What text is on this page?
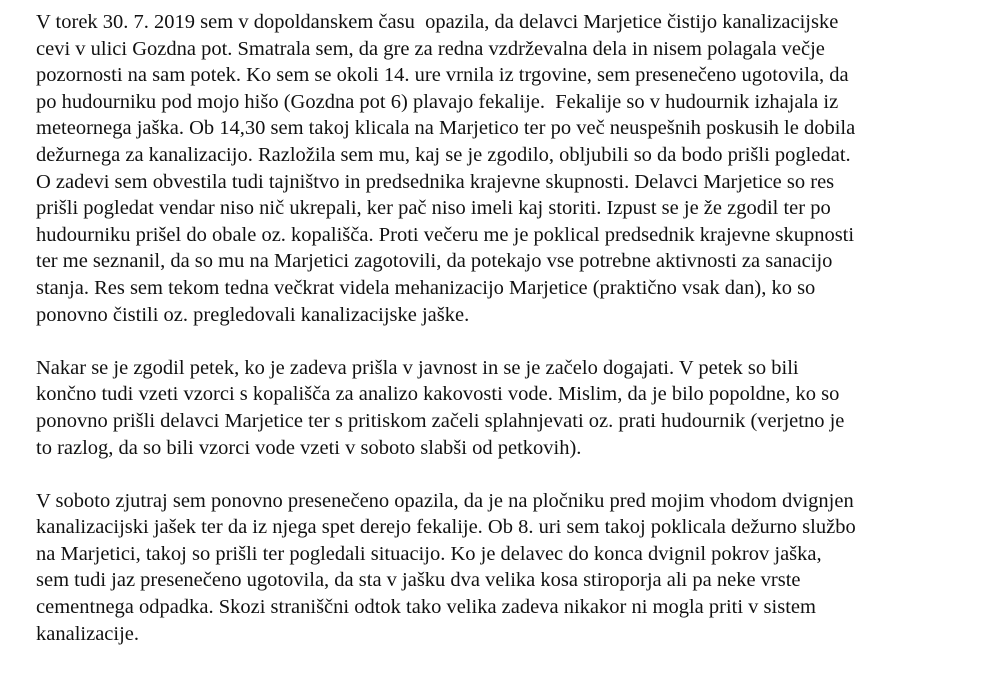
V torek 30. 7. 2019 sem v dopoldanskem času  opazila, da delavci Marjetice čistijo kanalizacijske
cevi v ulici Gozdna pot. Smatrala sem, da gre za redna vzdrževalna dela in nisem polagala večje
pozornosti na sam potek. Ko sem se okoli 14. ure vrnila iz trgovine, sem presenečeno ugotovila, da
po hudourniku pod mojo hišo (Gozdna pot 6) plavajo fekalije.  Fekalije so v hudournik izhajala iz
meteornega jaška. Ob 14,30 sem takoj klicala na Marjetico ter po več neuspešnih poskusih le dobila
dežurnega za kanalizacijo. Razložila sem mu, kaj se je zgodilo, obljubili so da bodo prišli pogledat.
O zadevi sem obvestila tudi tajništvo in predsednika krajevne skupnosti. Delavci Marjetice so res
prišli pogledat vendar niso nič ukrepali, ker pač niso imeli kaj storiti. Izpust se je že zgodil ter po
hudourniku prišel do obale oz. kopališča. Proti večeru me je poklical predsednik krajevne skupnosti
ter me seznanil, da so mu na Marjetici zagotovili, da potekajo vse potrebne aktivnosti za sanacijo
stanja. Res sem tekom tedna večkrat videla mehanizacijo Marjetice (praktično vsak dan), ko so
ponovno čistili oz. pregledovali kanalizacijske jaške.

Nakar se je zgodil petek, ko je zadeva prišla v javnost in se je začelo dogajati. V petek so bili
končno tudi vzeti vzorci s kopališča za analizo kakovosti vode. Mislim, da je bilo popoldne, ko so
ponovno prišli delavci Marjetice ter s pritiskom začeli splahnjevati oz. prati hudournik (verjetno je
to razlog, da so bili vzorci vode vzeti v soboto slabši od petkovih).

V soboto zjutraj sem ponovno presenečeno opazila, da je na pločniku pred mojim vhodom dvignjen
kanalizacijski jašek ter da iz njega spet derejo fekalije. Ob 8. uri sem takoj poklicala dežurno službo
na Marjetici, takoj so prišli ter pogledali situacijo. Ko je delavec do konca dvignil pokrov jaška,
sem tudi jaz presenečeno ugotovila, da sta v jašku dva velika kosa stiroporja ali pa neke vrste
cementnega odpadka. Skozi straniščni odtok tako velika zadeva nikakor ni mogla priti v sistem
kanalizacije.
